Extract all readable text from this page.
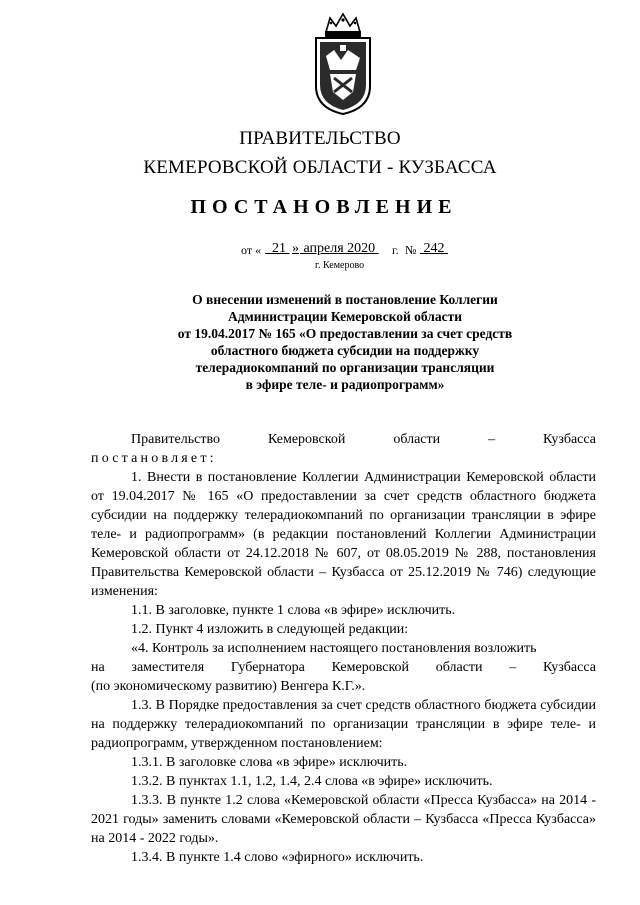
ПРАВИТЕЛЬСТВО
КЕМЕРОВСКОЙ ОБЛАСТИ - КУЗБАССА
ПОСТАНОВЛЕНИЕ
от « 21 » апреля 2020 г. № 242
г. Кемерово
О внесении изменений в постановление Коллегии
Администрации Кемеровской области
от 19.04.2017 № 165 «О предоставлении за счет средств
областного бюджета субсидии на поддержку
телерадиокомпаний по организации трансляции
в эфире теле- и радиопрограмм»

Правительство	Кемеровской	области	–	Кузбасса

постановляет:

1. Внести в постановление Коллегии Администрации Кемеровской области от 19.04.2017 № 165 «О предоставлении за счет средств областного бюджета субсидии на поддержку телерадиокомпаний по организации трансляции в эфире теле- и радиопрограмм» (в редакции постановлений Коллегии Администрации Кемеровской области от 24.12.2018 № 607, от 08.05.2019 № 288, постановления Правительства Кемеровской области – Кузбасса от 25.12.2019 № 746) следующие изменения:

1.1. В заголовке, пункте 1 слова «в эфире» исключить.

1.2. Пункт 4 изложить в следующей редакции:

«4. Контроль за исполнением настоящего постановления возложить

на заместителя Губернатора Кемеровской области – Кузбасса

(по экономическому развитию) Венгера К.Г.».

1.3. В Порядке предоставления за счет средств областного бюджета субсидии на поддержку телерадиокомпаний по организации трансляции в эфире теле- и радиопрограмм, утвержденном постановлением:

1.3.1. В заголовке слова «в эфире» исключить.

1.3.2. В пунктах 1.1, 1.2, 1.4, 2.4 слова «в эфире» исключить.

1.3.3. В пункте 1.2 слова «Кемеровской области «Пресса Кузбасса» на 2014 - 2021 годы» заменить словами «Кемеровской области – Кузбасса «Пресса Кузбасса» на 2014 - 2022 годы».

1.3.4. В пункте 1.4 слово «эфирного» исключить.
